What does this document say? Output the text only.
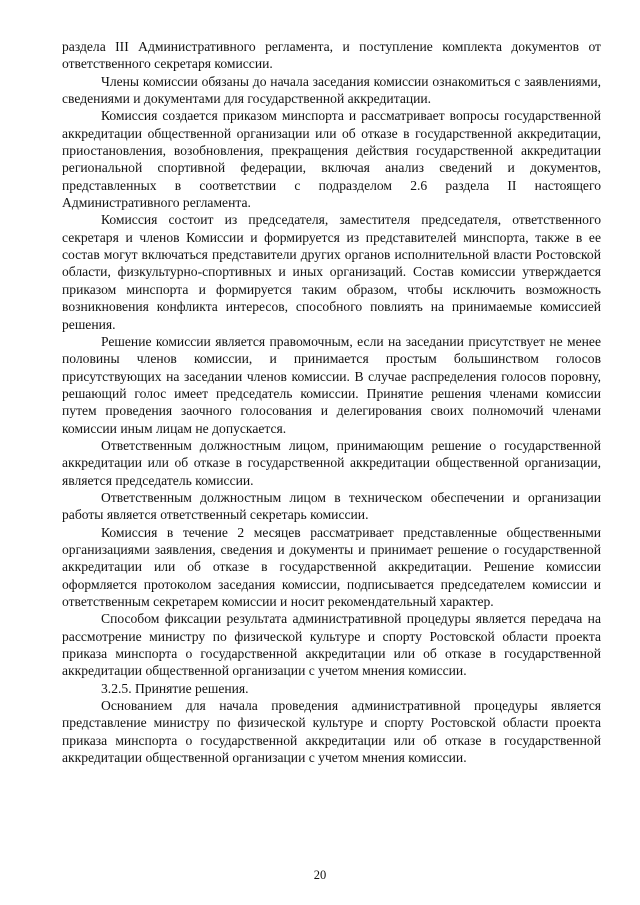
раздела III Административного регламента, и поступление комплекта документов от ответственного секретаря комиссии.

Члены комиссии обязаны до начала заседания комиссии ознакомиться с заявлениями, сведениями и документами для государственной аккредитации.

Комиссия создается приказом минспорта и рассматривает вопросы государственной аккредитации общественной организации или об отказе в государственной аккредитации, приостановления, возобновления, прекращения действия государственной аккредитации региональной спортивной федерации, включая анализ сведений и документов, представленных в соответствии с подразделом 2.6 раздела II настоящего Административного регламента.

Комиссия состоит из председателя, заместителя председателя, ответственного секретаря и членов Комиссии и формируется из представителей минспорта, также в ее состав могут включаться представители других органов исполнительной власти Ростовской области, физкультурно-спортивных и иных организаций. Состав комиссии утверждается приказом минспорта и формируется таким образом, чтобы исключить возможность возникновения конфликта интересов, способного повлиять на принимаемые комиссией решения.

Решение комиссии является правомочным, если на заседании присутствует не менее половины членов комиссии, и принимается простым большинством голосов присутствующих на заседании членов комиссии. В случае распределения голосов поровну, решающий голос имеет председатель комиссии. Принятие решения членами комиссии путем проведения заочного голосования и делегирования своих полномочий членами комиссии иным лицам не допускается.

Ответственным должностным лицом, принимающим решение о государственной аккредитации или об отказе в государственной аккредитации общественной организации, является председатель комиссии.

Ответственным должностным лицом в техническом обеспечении и организации работы является ответственный секретарь комиссии.

Комиссия в течение 2 месяцев рассматривает представленные общественными организациями заявления, сведения и документы и принимает решение о государственной аккредитации или об отказе в государственной аккредитации. Решение комиссии оформляется протоколом заседания комиссии, подписывается председателем комиссии и ответственным секретарем комиссии и носит рекомендательный характер.

Способом фиксации результата административной процедуры является передача на рассмотрение министру по физической культуре и спорту Ростовской области проекта приказа минспорта о государственной аккредитации или об отказе в государственной аккредитации общественной организации с учетом мнения комиссии.

3.2.5. Принятие решения.

Основанием для начала проведения административной процедуры является представление министру по физической культуре и спорту Ростовской области проекта приказа минспорта о государственной аккредитации или об отказе в государственной аккредитации общественной организации с учетом мнения комиссии.

20
